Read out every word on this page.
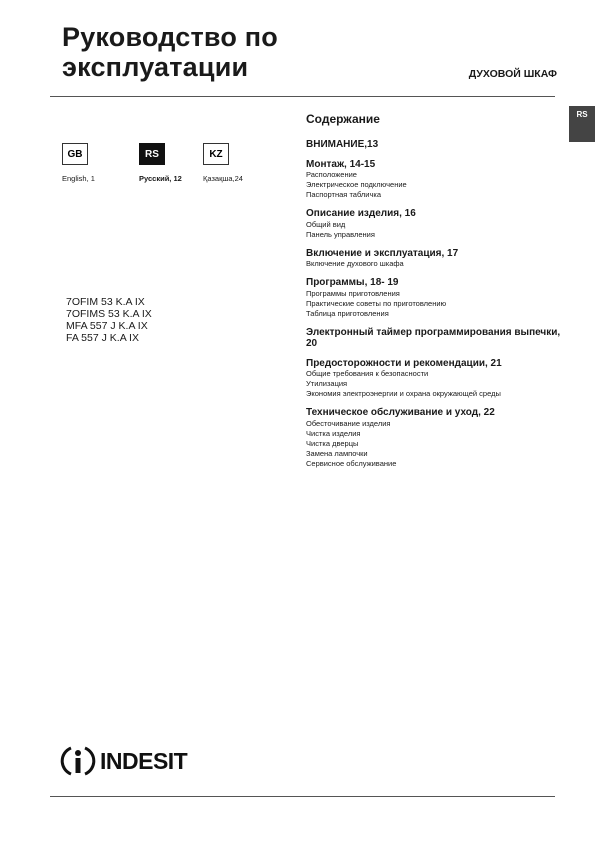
Руководство по
эксплуатации	ДУХОВОЙ ШКАФ
RS
GB
English, 1
RS
Русский, 12
KZ
Қазақша,24
7OFIM 53 K.A IX
7OFIMS 53 K.A IX
MFA 557 J K.A IX
FA 557 J K.A IX
Содержание
ВНИМАНИЕ,13
Монтаж, 14-15
Расположение
Электрическое подключение
Паспортная табличка
Описание изделия, 16
Общий вид
Панель управления
Включение и эксплуатация, 17
Включение духового шкафа
Программы, 18- 19
Программы приготовления
Практические советы по приготовлению
Таблица приготовления
Электронный таймер программирования выпечки, 20
Предосторожности и рекомендации, 21
Общие требования к безопасности
Утилизация
Экономия электроэнергии и охрана окружающей среды
Техническое обслуживание и уход, 22
Обесточивание изделия
Чистка изделия
Чистка дверцы
Замена лампочки
Сервисное обслуживание
INDESIT
